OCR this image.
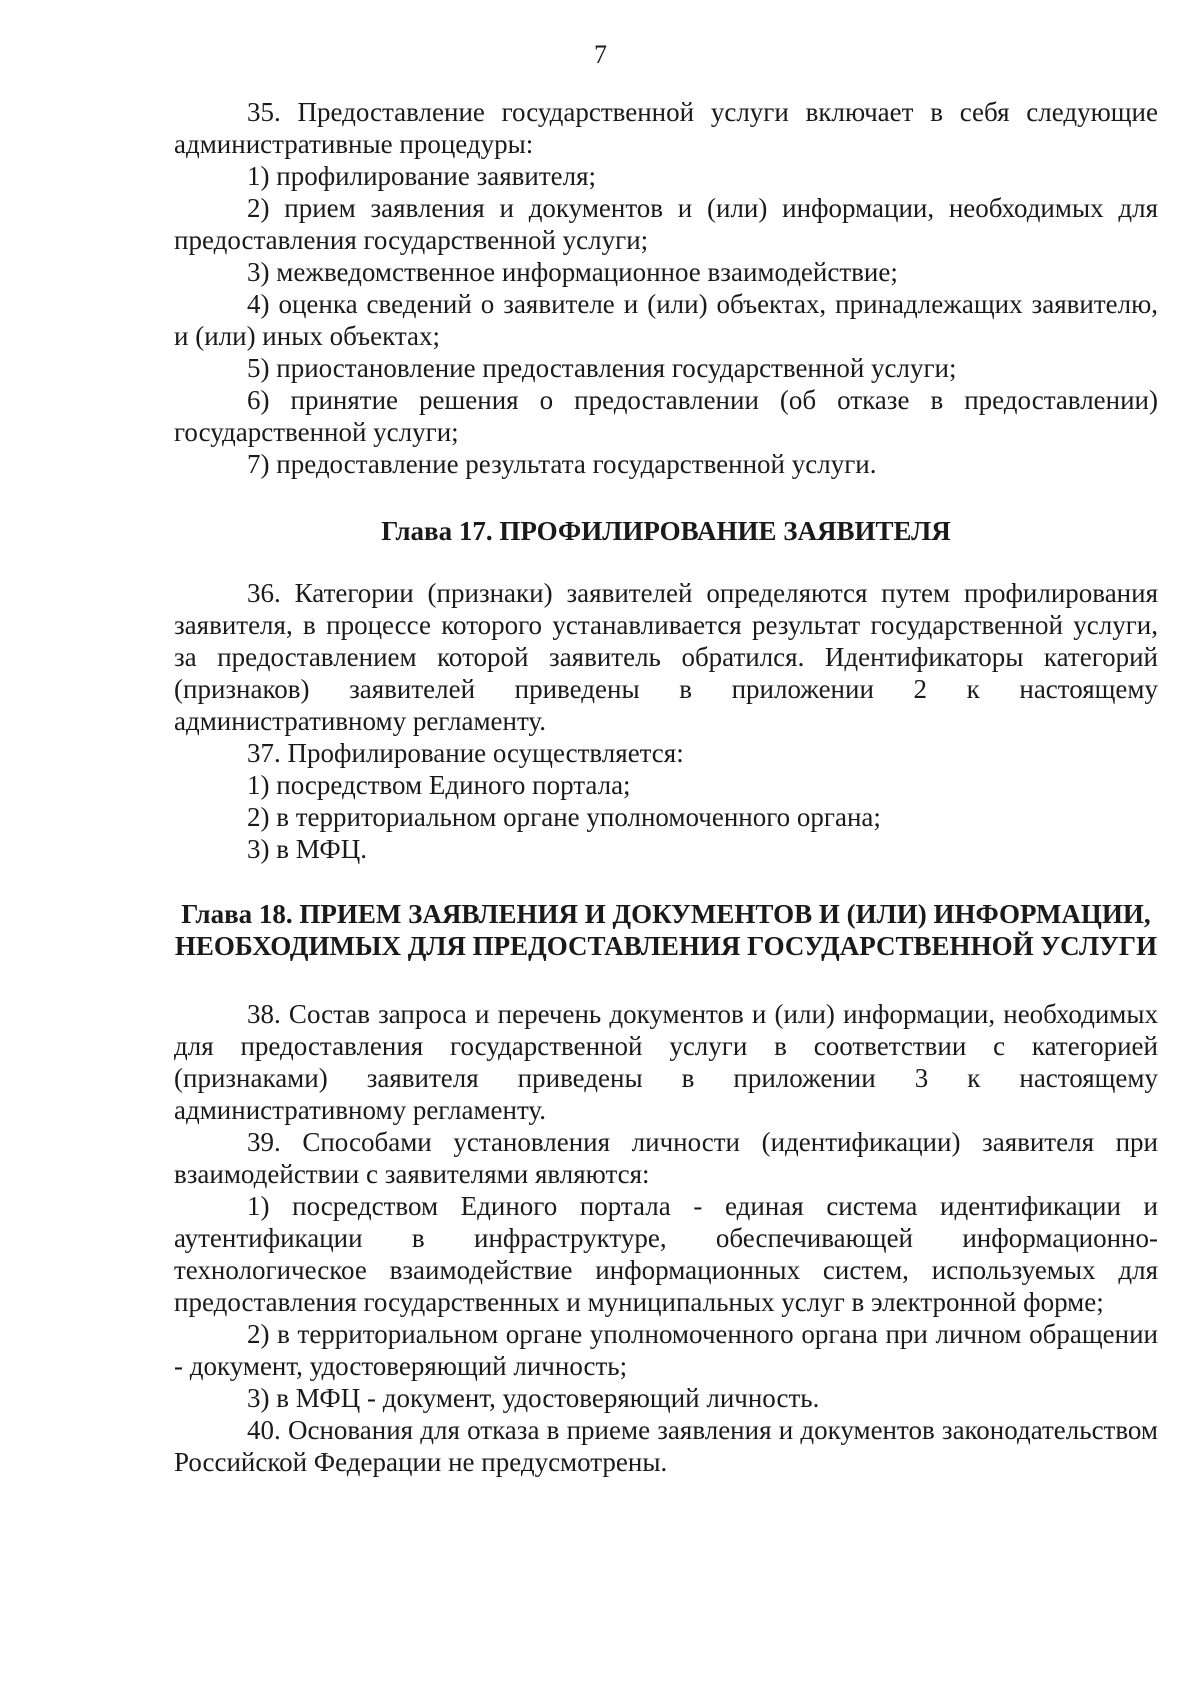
7

35. Предоставление государственной услуги включает в себя следующие административные процедуры:

1) профилирование заявителя;

2) прием заявления и документов и (или) информации, необходимых для предоставления государственной услуги;

3) межведомственное информационное взаимодействие;

4) оценка сведений о заявителе и (или) объектах, принадлежащих заявителю, и (или) иных объектах;

5) приостановление предоставления государственной услуги;

6) принятие решения о предоставлении (об отказе в предоставлении) государственной услуги;

7) предоставление результата государственной услуги.

Глава 17. ПРОФИЛИРОВАНИЕ ЗАЯВИТЕЛЯ

36. Категории (признаки) заявителей определяются путем профилирования заявителя, в процессе которого устанавливается результат государственной услуги, за предоставлением которой заявитель обратился. Идентификаторы категорий (признаков) заявителей приведены в приложении 2 к настоящему административному регламенту.

37. Профилирование осуществляется:

1) посредством Единого портала;

2) в территориальном органе уполномоченного органа;

3) в МФЦ.

Глава 18. ПРИЕМ ЗАЯВЛЕНИЯ И ДОКУМЕНТОВ И (ИЛИ) ИНФОРМАЦИИ, НЕОБХОДИМЫХ ДЛЯ ПРЕДОСТАВЛЕНИЯ ГОСУДАРСТВЕННОЙ УСЛУГИ

38. Состав запроса и перечень документов и (или) информации, необходимых для предоставления государственной услуги в соответствии с категорией (признаками) заявителя приведены в приложении 3 к настоящему административному регламенту.

39. Способами установления личности (идентификации) заявителя при взаимодействии с заявителями являются:

1) посредством Единого портала - единая система идентификации и аутентификации в инфраструктуре, обеспечивающей информационно-технологическое взаимодействие информационных систем, используемых для предоставления государственных и муниципальных услуг в электронной форме;

2) в территориальном органе уполномоченного органа при личном обращении - документ, удостоверяющий личность;

3) в МФЦ - документ, удостоверяющий личность.

40. Основания для отказа в приеме заявления и документов законодательством Российской Федерации не предусмотрены.
